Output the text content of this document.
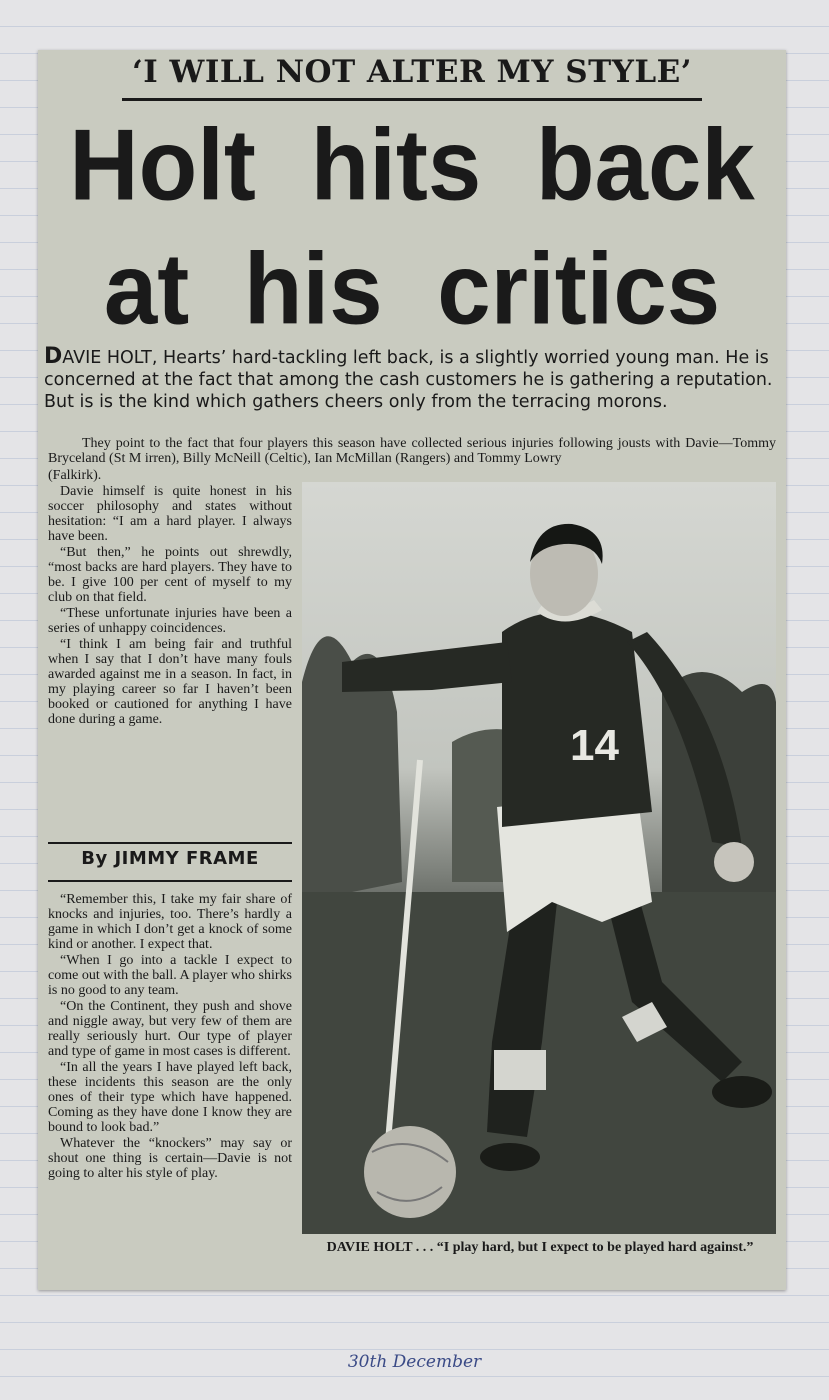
‘I WILL NOT ALTER MY STYLE’
Holt hits back
at his critics
DAVIE HOLT, Hearts’ hard-tackling left back, is a slightly worried young man. He is concerned at the fact that among the cash customers he is gathering a reputation. But is is the kind which gathers cheers only from the terracing morons.

They point to the fact that four players this season have collected serious injuries following jousts with Davie—Tommy Bryceland (St M irren), Billy McNeill (Celtic), Ian McMillan (Rangers) and Tommy Lowry

(Falkirk).

Davie himself is quite honest in his soccer philosophy and states without hesitation: “I am a hard player. I always have been.

“But then,” he points out shrewdly, “most backs are hard players. They have to be. I give 100 per cent of myself to my club on that field.

“These unfortunate injuries have been a series of unhappy coincidences.

“I think I am being fair and truthful when I say that I don’t have many fouls awarded against me in a season. In fact, in my playing career so far I haven’t been booked or cautioned for anything I have done during a game.

By JIMMY FRAME

“Remember this, I take my fair share of knocks and injuries, too. There’s hardly a game in which I don’t get a knock of some kind or another. I expect that.

“When I go into a tackle I expect to come out with the ball. A player who shirks is no good to any team.

“On the Continent, they push and shove and niggle away, but very few of them are really seriously hurt. Our type of player and type of game in most cases is different.

“In all the years I have played left back, these incidents this season are the only ones of their type which have happened. Coming as they have done I know they are bound to look bad.”

Whatever the “knockers” may say or shout one thing is certain—Davie is not going to alter his style of play.

14
DAVIE HOLT . . . “I play hard, but I expect to be played hard against.”
30th December
